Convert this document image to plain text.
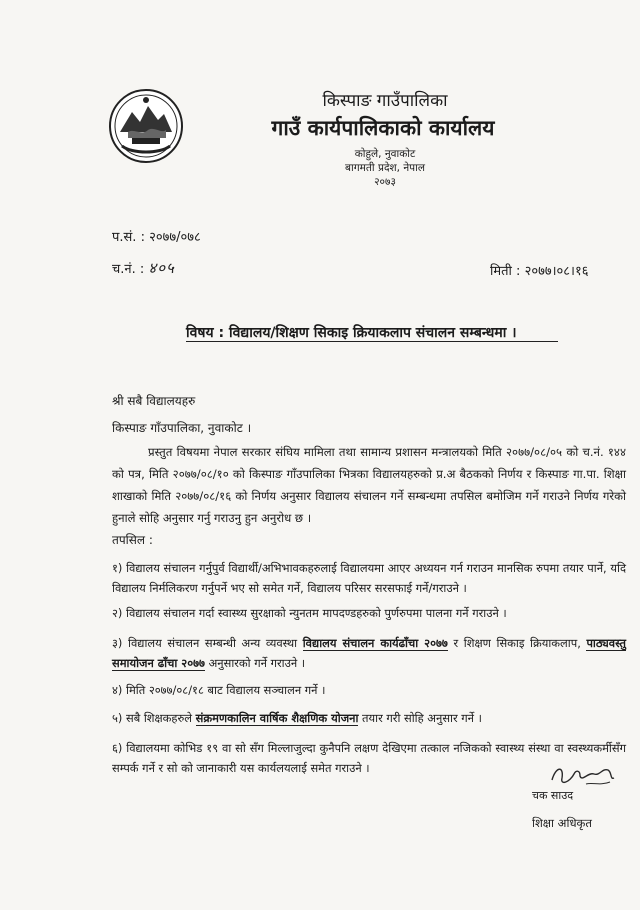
किस्पाङ गाउँपालिका
गाउँ कार्यपालिकाको कार्यालय
कोहुले, नुवाकोट
बागमती प्रदेश, नेपाल
२०७३
प.सं. : २०७७/०७८
च.नं. : ४०५	मिती : २०७७।०८।१६
विषय : विद्यालय/शिक्षण सिकाइ क्रियाकलाप संचालन सम्बन्धमा ।
श्री सबै विद्यालयहरु
किस्पाङ गाँउपालिका, नुवाकोट ।
प्रस्तुत विषयमा नेपाल सरकार संघिय मामिला तथा सामान्य प्रशासन मन्त्रालयको मिति २०७७/०८/०५ को च.नं. १४४ को पत्र, मिति २०७७/०८/१० को किस्पाङ गाँउपालिका भित्रका विद्यालयहरुको प्र.अ बैठकको निर्णय र किस्पाङ गा.पा. शिक्षा शाखाको मिति २०७७/०८/१६ को निर्णय अनुसार विद्यालय संचालन गर्ने सम्बन्धमा तपसिल बमोजिम गर्ने गराउने निर्णय गरेको हुनाले सोहि अनुसार गर्नु गराउनु हुन अनुरोध छ ।
तपसिल :
१) विद्यालय संचालन गर्नुपुर्व विद्यार्थी/अभिभावकहरुलाई विद्यालयमा आएर अध्ययन गर्न गराउन मानसिक रुपमा तयार पार्ने, यदि विद्यालय निर्मलिकरण गर्नुपर्ने भए सो समेत गर्ने, विद्यालय परिसर सरसफाई गर्ने/गराउने ।
२) विद्यालय संचालन गर्दा स्वास्थ्य सुरक्षाको न्युनतम मापदण्डहरुको पुर्णरुपमा पालना गर्ने गराउने ।
३) विद्यालय संचालन सम्बन्धी अन्य व्यवस्था विद्यालय संचालन कार्यढाँचा २०७७ र शिक्षण सिकाइ क्रियाकलाप, पाठ्यवस्तु समायोजन ढाँचा २०७७ अनुसारको गर्ने गराउने ।
४) मिति २०७७/०८/१८ बाट विद्यालय सञ्चालन गर्ने ।
५) सबै शिक्षकहरुले संक्रमणकालिन वार्षिक शैक्षणिक योजना तयार गरी सोहि अनुसार गर्ने ।
६) विद्यालयमा कोभिड १९ वा सो सँग मिल्लाजुल्दा कुनैपनि लक्षण देखिएमा तत्काल नजिकको स्वास्थ्य संस्था वा स्वस्थ्यकर्मीसँग सम्पर्क गर्ने र सो को जानाकारी यस कार्यलयलाई समेत गराउने ।
चक साउद
शिक्षा अधिकृत
